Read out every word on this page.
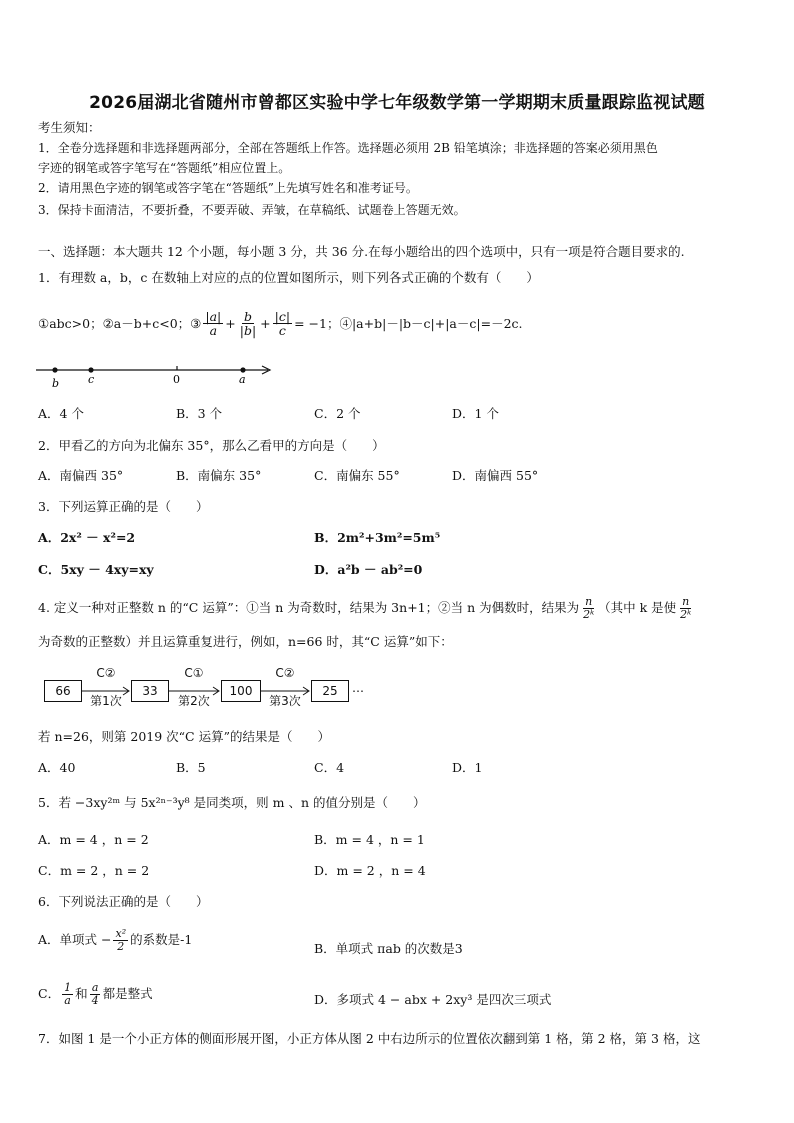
2026届湖北省随州市曾都区实验中学七年级数学第一学期期末质量跟踪监视试题
考生须知：
1．全卷分选择题和非选择题两部分，全部在答题纸上作答。选择题必须用 2B 铅笔填涂；非选择题的答案必须用黑色
字迹的钢笔或答字笔写在“答题纸”相应位置上。
2．请用黑色字迹的钢笔或答字笔在“答题纸”上先填写姓名和准考证号。
3．保持卡面清洁，不要折叠，不要弄破、弄皱，在草稿纸、试题卷上答题无效。
一、选择题：本大题共 12 个小题，每小题 3 分，共 36 分.在每小题给出的四个选项中，只有一项是符合题目要求的.
1．有理数 a，b，c 在数轴上对应的点的位置如图所示，则下列各式正确的个数有（　　）
①abc>0；②a－b+c<0；③ $\frac{|a|}{a} + \frac{b}{|b|} + \frac{|c|}{c} = -1$；④|a+b|－|b－c|+|a－c|=－2c.
b	c	0	a
A．4 个	B．3 个	C．2 个	D．1 个
2．甲看乙的方向为北偏东 35°，那么乙看甲的方向是（　　）
A．南偏西 35°	B．南偏东 35°	C．南偏东 55°	D．南偏西 55°
3．下列运算正确的是（　　）
A．2x² － x²=2	B．2m²+3m²=5m⁵
C．5xy － 4xy=xy	D．a²b － ab²=0
4. 定义一种对正整数 n 的“C 运算”：①当 n 为奇数时，结果为 3n+1；②当 n 为偶数时，结果为 $\frac{n}{\text{2ᵏ}}$ （其中 k 是使 $\frac{n}{\text{2ᵏ}}$
为奇数的正整数）并且运算重复进行，例如，n=66 时，其“C 运算”如下：
66	33	100	25
C②	C①	C②
第1次	第2次	第3次
…
若 n=26，则第 2019 次“C 运算”的结果是（　　）
A．40	B．5	C．4	D．1
5．若 −3xy²ᵐ 与 5x²ⁿ⁻³y⁸ 是同类项，则 m 、n 的值分别是（　　）
A．m = 4 ，n = 2	B．m = 4 ，n = 1
C．m = 2 ，n = 2	D．m = 2 ，n = 4
6．下列说法正确的是（　　）
A．单项式 − $\frac{\text{x²}}{2}$ 的系数是-1
B．单项式 πab 的次数是3
C． $\frac{1}{a}$ 和 $\frac{a}{4}$ 都是整式	D．多项式 4 − abx + 2xy³ 是四次三项式
7．如图 1 是一个小正方体的侧面形展开图，小正方体从图 2 中右边所示的位置依次翻到第 1 格，第 2 格，第 3 格，这
